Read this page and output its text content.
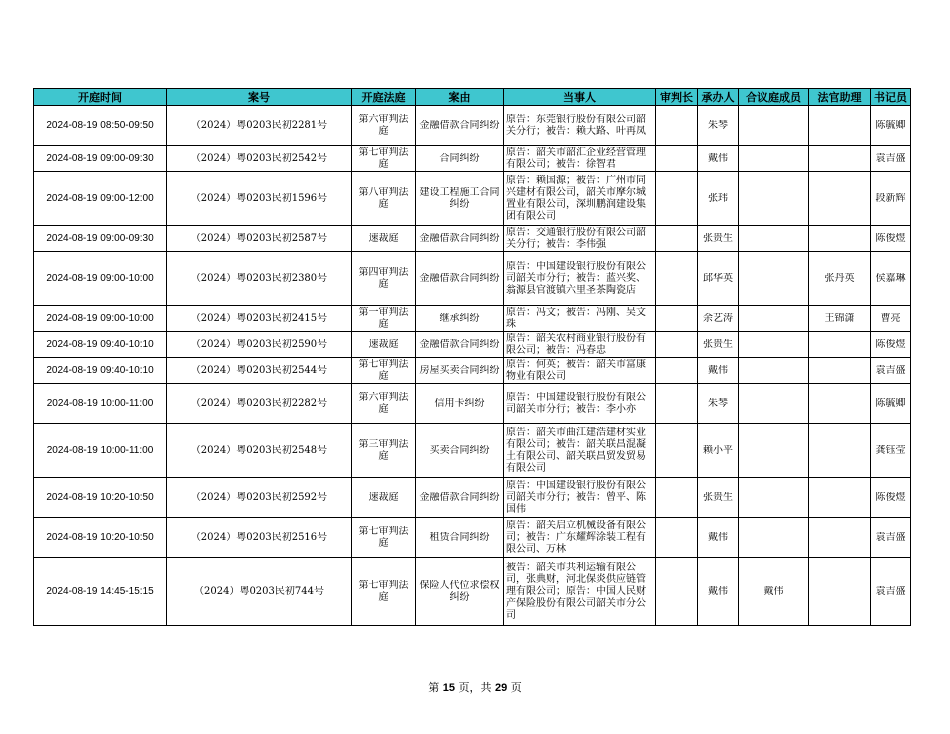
开庭时间	案号	开庭法庭	案由	当事人	审判长	承办人	合议庭成员	法官助理	书记员

2024-08-19 08:50-09:50	（2024）粤0203民初2281号	第六审判法庭	金融借款合同纠纷	原告：东莞银行股份有限公司韶关分行；被告：赖大路、叶再凤		朱琴			陈毓卿

2024-08-19 09:00-09:30	（2024）粤0203民初2542号	第七审判法庭	合同纠纷	原告：韶关市韶汇企业经营管理有限公司；被告：徐智君		戴伟			袁吉盛

2024-08-19 09:00-12:00	（2024）粤0203民初1596号	第八审判法庭	建设工程施工合同纠纷	原告：赖国源；被告：广州市同兴建材有限公司，韶关市摩尔城置业有限公司，深圳鹏润建设集团有限公司		张玮			段新辉

2024-08-19 09:00-09:30	（2024）粤0203民初2587号	速裁庭	金融借款合同纠纷	原告：交通银行股份有限公司韶关分行；被告：李伟强		张贵生			陈俊煜

2024-08-19 09:00-10:00	（2024）粤0203民初2380号	第四审判法庭	金融借款合同纠纷	原告：中国建设银行股份有限公司韶关市分行；被告：蓝兴奖、翁源县官渡镇六里圣茶陶瓷店		邱华英		张丹英	侯嘉琳

2024-08-19 09:00-10:00	（2024）粤0203民初2415号	第一审判法庭	继承纠纷	原告：冯文；被告：冯刚、吴文珠		余艺涛		王锦潇	曹亮

2024-08-19 09:40-10:10	（2024）粤0203民初2590号	速裁庭	金融借款合同纠纷	原告：韶关农村商业银行股份有限公司；被告：冯春忠		张贵生			陈俊煜

2024-08-19 09:40-10:10	（2024）粤0203民初2544号	第七审判法庭	房屋买卖合同纠纷	原告：何英；被告：韶关市富康物业有限公司		戴伟			袁吉盛

2024-08-19 10:00-11:00	（2024）粤0203民初2282号	第六审判法庭	信用卡纠纷	原告：中国建设银行股份有限公司韶关市分行；被告：李小亦		朱琴			陈毓卿

2024-08-19 10:00-11:00	（2024）粤0203民初2548号	第三审判法庭	买卖合同纠纷	原告：韶关市曲江建浩建材实业有限公司；被告：韶关联昌混凝土有限公司、韶关联昌贸发贸易有限公司		赖小平			龚钰莹

2024-08-19 10:20-10:50	（2024）粤0203民初2592号	速裁庭	金融借款合同纠纷	原告：中国建设银行股份有限公司韶关市分行；被告：曾平、陈国伟		张贵生			陈俊煜

2024-08-19 10:20-10:50	（2024）粤0203民初2516号	第七审判法庭	租赁合同纠纷	原告：韶关启立机械设备有限公司；被告：广东耀辉涂装工程有限公司、万林		戴伟			袁吉盛

2024-08-19 14:45-15:15	（2024）粤0203民初744号	第七审判法庭	保险人代位求偿权纠纷	被告：韶关市共利运输有限公司，张典财，河北保炎供应链管理有限公司；原告：中国人民财产保险股份有限公司韶关市分公司		戴伟	戴伟		袁吉盛
第 15 页，共 29 页
